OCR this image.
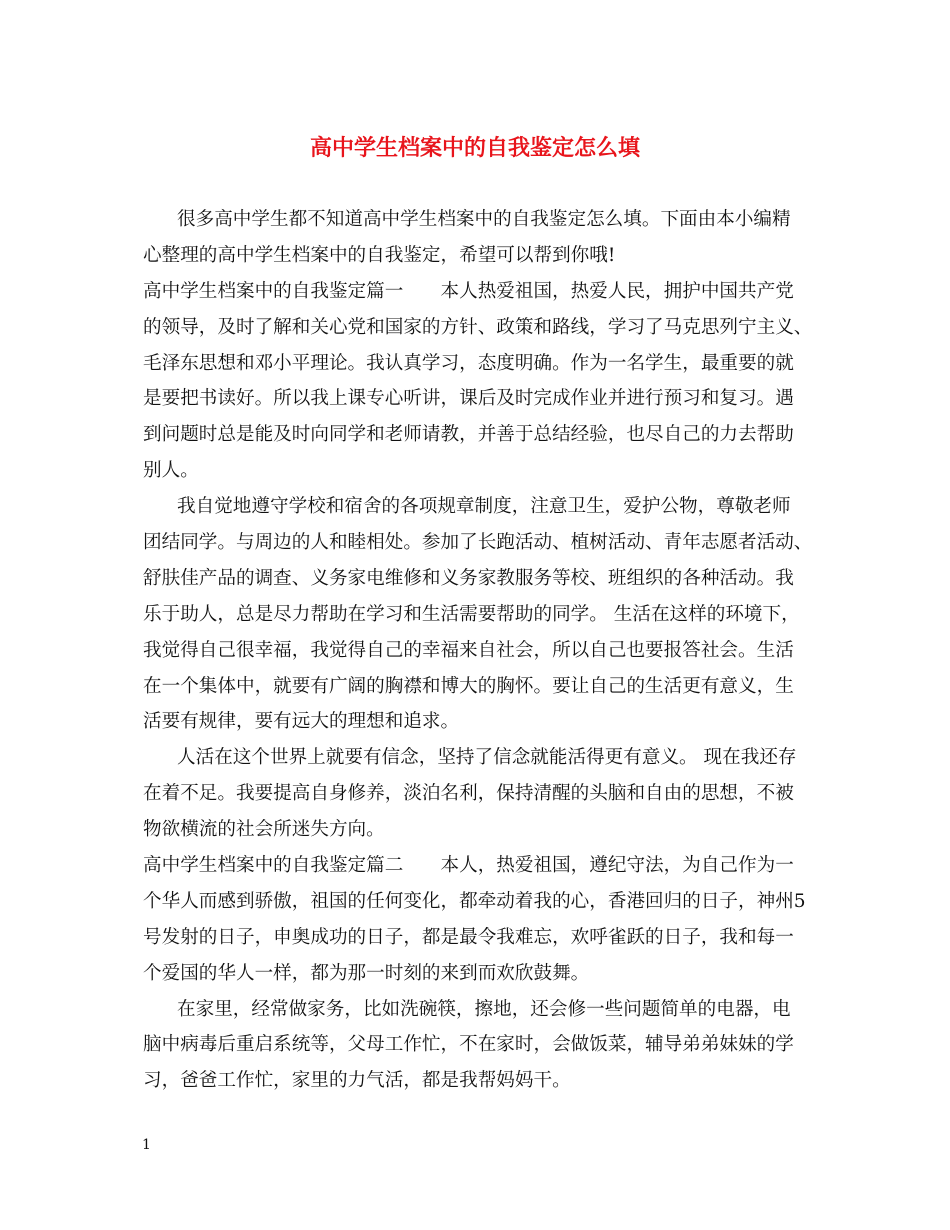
高中学生档案中的自我鉴定怎么填
很多高中学生都不知道高中学生档案中的自我鉴定怎么填。下面由本小编精
心整理的高中学生档案中的自我鉴定，希望可以帮到你哦!
高中学生档案中的自我鉴定篇一　　本人热爱祖国，热爱人民，拥护中国共产党
的领导，及时了解和关心党和国家的方针、政策和路线，学习了马克思列宁主义、
毛泽东思想和邓小平理论。我认真学习，态度明确。作为一名学生，最重要的就
是要把书读好。所以我上课专心听讲，课后及时完成作业并进行预习和复习。遇
到问题时总是能及时向同学和老师请教，并善于总结经验，也尽自己的力去帮助
别人。
我自觉地遵守学校和宿舍的各项规章制度，注意卫生，爱护公物，尊敬老师
团结同学。与周边的人和睦相处。参加了长跑活动、植树活动、青年志愿者活动、
舒肤佳产品的调查、义务家电维修和义务家教服务等校、班组织的各种活动。我
乐于助人，总是尽力帮助在学习和生活需要帮助的同学。 生活在这样的环境下，
我觉得自己很幸福，我觉得自己的幸福来自社会，所以自己也要报答社会。生活
在一个集体中，就要有广阔的胸襟和博大的胸怀。要让自己的生活更有意义，生
活要有规律，要有远大的理想和追求。
人活在这个世界上就要有信念，坚持了信念就能活得更有意义。 现在我还存
在着不足。我要提高自身修养，淡泊名利，保持清醒的头脑和自由的思想，不被
物欲横流的社会所迷失方向。
高中学生档案中的自我鉴定篇二　　本人，热爱祖国，遵纪守法，为自己作为一
个华人而感到骄傲，祖国的任何变化，都牵动着我的心，香港回归的日子，神州5
号发射的日子，申奥成功的日子，都是最令我难忘，欢呼雀跃的日子，我和每一
个爱国的华人一样，都为那一时刻的来到而欢欣鼓舞。
在家里，经常做家务，比如洗碗筷，擦地，还会修一些问题简单的电器，电
脑中病毒后重启系统等，父母工作忙，不在家时，会做饭菜，辅导弟弟妹妹的学
习，爸爸工作忙，家里的力气活，都是我帮妈妈干。
1
